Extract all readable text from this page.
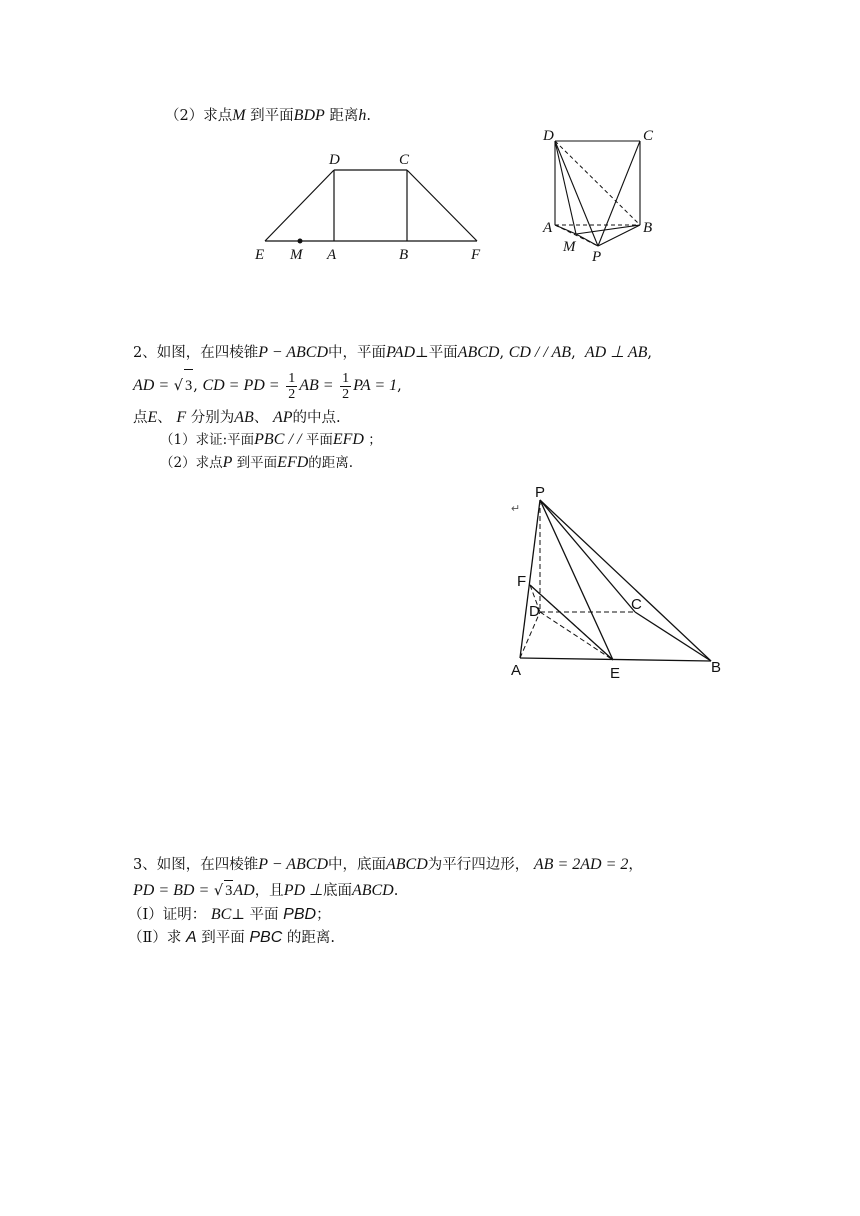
（2）求点M 到平面BDP 距离h.
D	C
E M A	B	F
D	C
A
M
P
B
P
F
D	C
A	E	B
↵
2、如图，在四棱锥P − ABCD中，平面PAD⊥平面ABCD, CD / / AB, AD ⊥ AB,
AD = √ 3, CD = PD = $\frac{1}{2}$ AB = $\frac{1}{2}$ PA = 1,
点E、 F 分别为AB、 AP的中点.
（1）求证:平面PBC / / 平面EFD ；
（2）求点P 到平面EFD的距离.
3、如图，在四棱锥P − ABCD中，底面ABCD为平行四边形， AB = 2AD = 2，
PD = BD = √ 3AD，且PD ⊥底面ABCD.
（Ⅰ）证明： BC⊥ 平面 PBD；
（Ⅱ）求 A 到平面 PBC 的距离.
